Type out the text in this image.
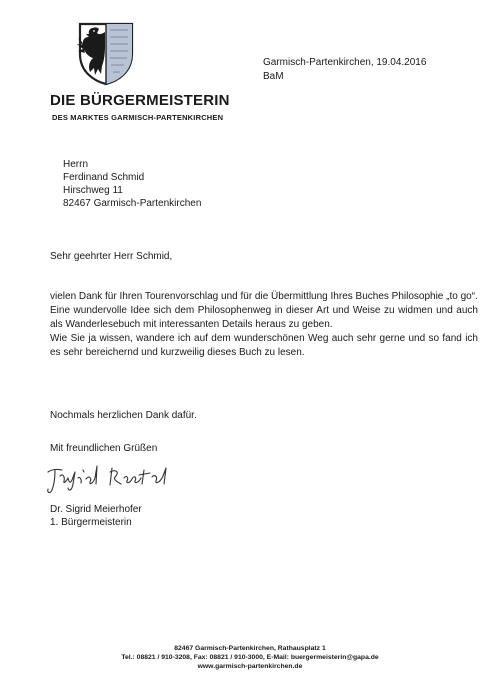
DIE BÜRGERMEISTERIN
DES MARKTES GARMISCH-PARTENKIRCHEN
Garmisch-Partenkirchen, 19.04.2016
BaM
Herrn
Ferdinand Schmid
Hirschweg 11
82467 Garmisch-Partenkirchen
Sehr geehrter Herr Schmid,

vielen Dank für Ihren Tourenvorschlag und für die Übermittlung Ihres Buches Philosophie „to go“.

Eine wundervolle Idee sich dem Philosophenweg in dieser Art und Weise zu widmen und auch als Wanderlesebuch mit interessanten Details heraus zu geben.

Wie Sie ja wissen, wandere ich auf dem wunderschönen Weg auch sehr gerne und so fand ich es sehr bereichernd und kurzweilig dieses Buch zu lesen.

Nochmals herzlichen Dank dafür.
Mit freundlichen Grüßen
Dr. Sigrid Meierhofer
1. Bürgermeisterin
82467 Garmisch-Partenkirchen, Rathausplatz 1
Tel.: 08821 / 910-3208, Fax: 08821 / 910-3000, E-Mail: buergermeisterin@gapa.de
www.garmisch-partenkirchen.de
